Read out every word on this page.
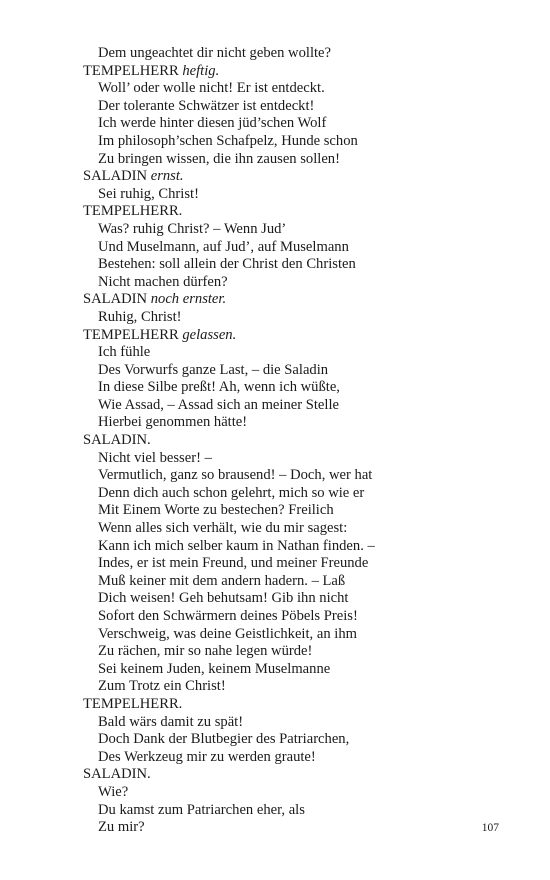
Dem ungeachtet dir nicht geben wollte?
TEMPELHERR heftig.
Woll’ oder wolle nicht! Er ist entdeckt.
Der tolerante Schwätzer ist entdeckt!
Ich werde hinter diesen jüd’schen Wolf
Im philosoph’schen Schafpelz, Hunde schon
Zu bringen wissen, die ihn zausen sollen!
SALADIN ernst.
Sei ruhig, Christ!
TEMPELHERR.
Was? ruhig Christ? – Wenn Jud’
Und Muselmann, auf Jud’, auf Muselmann
Bestehen: soll allein der Christ den Christen
Nicht machen dürfen?
SALADIN noch ernster.
Ruhig, Christ!
TEMPELHERR gelassen.
Ich fühle
Des Vorwurfs ganze Last, – die Saladin
In diese Silbe preßt! Ah, wenn ich wüßte,
Wie Assad, – Assad sich an meiner Stelle
Hierbei genommen hätte!
SALADIN.
Nicht viel besser! –
Vermutlich, ganz so brausend! – Doch, wer hat
Denn dich auch schon gelehrt, mich so wie er
Mit Einem Worte zu bestechen? Freilich
Wenn alles sich verhält, wie du mir sagest:
Kann ich mich selber kaum in Nathan finden. –
Indes, er ist mein Freund, und meiner Freunde
Muß keiner mit dem andern hadern. – Laß
Dich weisen! Geh behutsam! Gib ihn nicht
Sofort den Schwärmern deines Pöbels Preis!
Verschweig, was deine Geistlichkeit, an ihm
Zu rächen, mir so nahe legen würde!
Sei keinem Juden, keinem Muselmanne
Zum Trotz ein Christ!
TEMPELHERR.
Bald wärs damit zu spät!
Doch Dank der Blutbegier des Patriarchen,
Des Werkzeug mir zu werden graute!
SALADIN.
Wie?
Du kamst zum Patriarchen eher, als
Zu mir?	107
